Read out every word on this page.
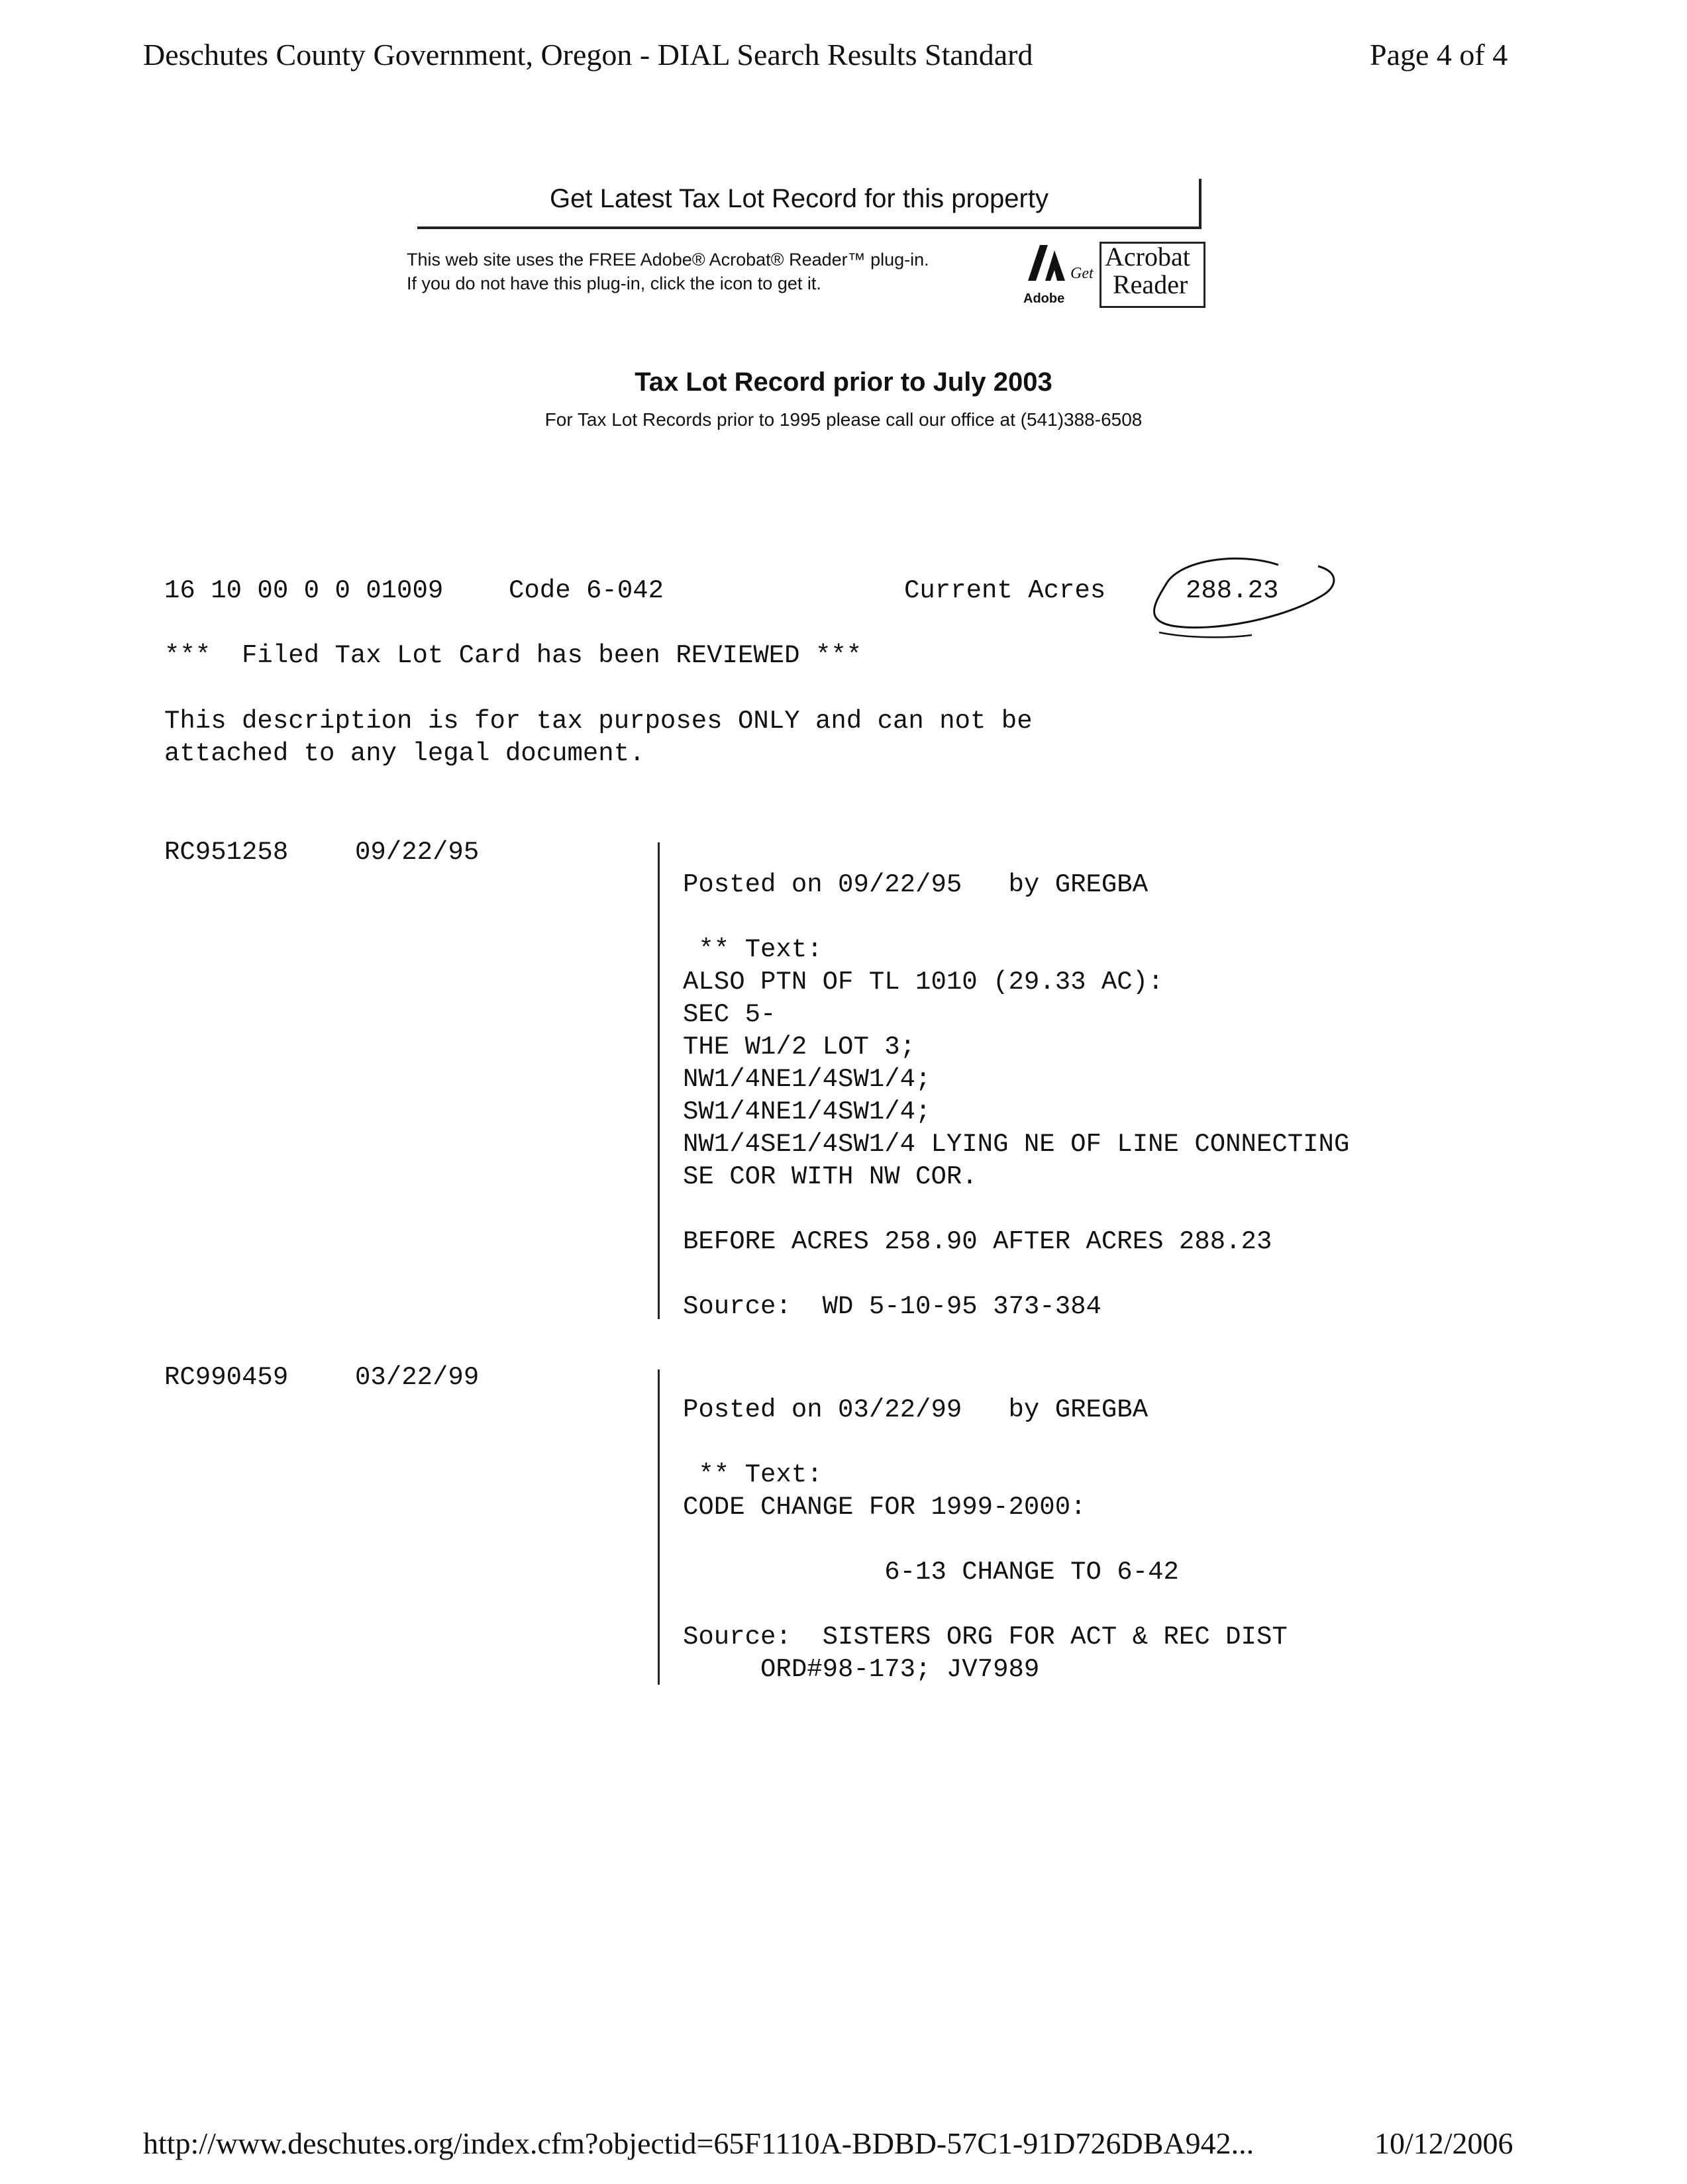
Deschutes County Government, Oregon - DIAL Search Results Standard	Page 4 of 4

Get Latest Tax Lot Record for this property

This web site uses the FREE Adobe® Acrobat® Reader™ plug-in.
If you do not have this plug-in, click the icon to get it.	Get
Acrobat
Reader
Adobe
Tax Lot Record prior to July 2003
For Tax Lot Records prior to 1995 please call our office at (541)388-6508
16 10 00 0 0 01009	Code 6-042	Current Acres	288.23
***  Filed Tax Lot Card has been REVIEWED ***
This description is for tax purposes ONLY and can not be
attached to any legal document.
RC951258	09/22/95
Posted on 09/22/95   by GREGBA
** Text:
ALSO PTN OF TL 1010 (29.33 AC):
SEC 5-
THE W1/2 LOT 3;
NW1/4NE1/4SW1/4;
SW1/4NE1/4SW1/4;
NW1/4SE1/4SW1/4 LYING NE OF LINE CONNECTING
SE COR WITH NW COR.
BEFORE ACRES 258.90 AFTER ACRES 288.23
Source:  WD 5-10-95 373-384
RC990459	03/22/99
Posted on 03/22/99   by GREGBA
** Text:
CODE CHANGE FOR 1999-2000:
6-13 CHANGE TO 6-42
Source:  SISTERS ORG FOR ACT & REC DIST
ORD#98-173; JV7989
http://www.deschutes.org/index.cfm?objectid=65F1110A-BDBD-57C1-91D726DBA942...	10/12/2006
